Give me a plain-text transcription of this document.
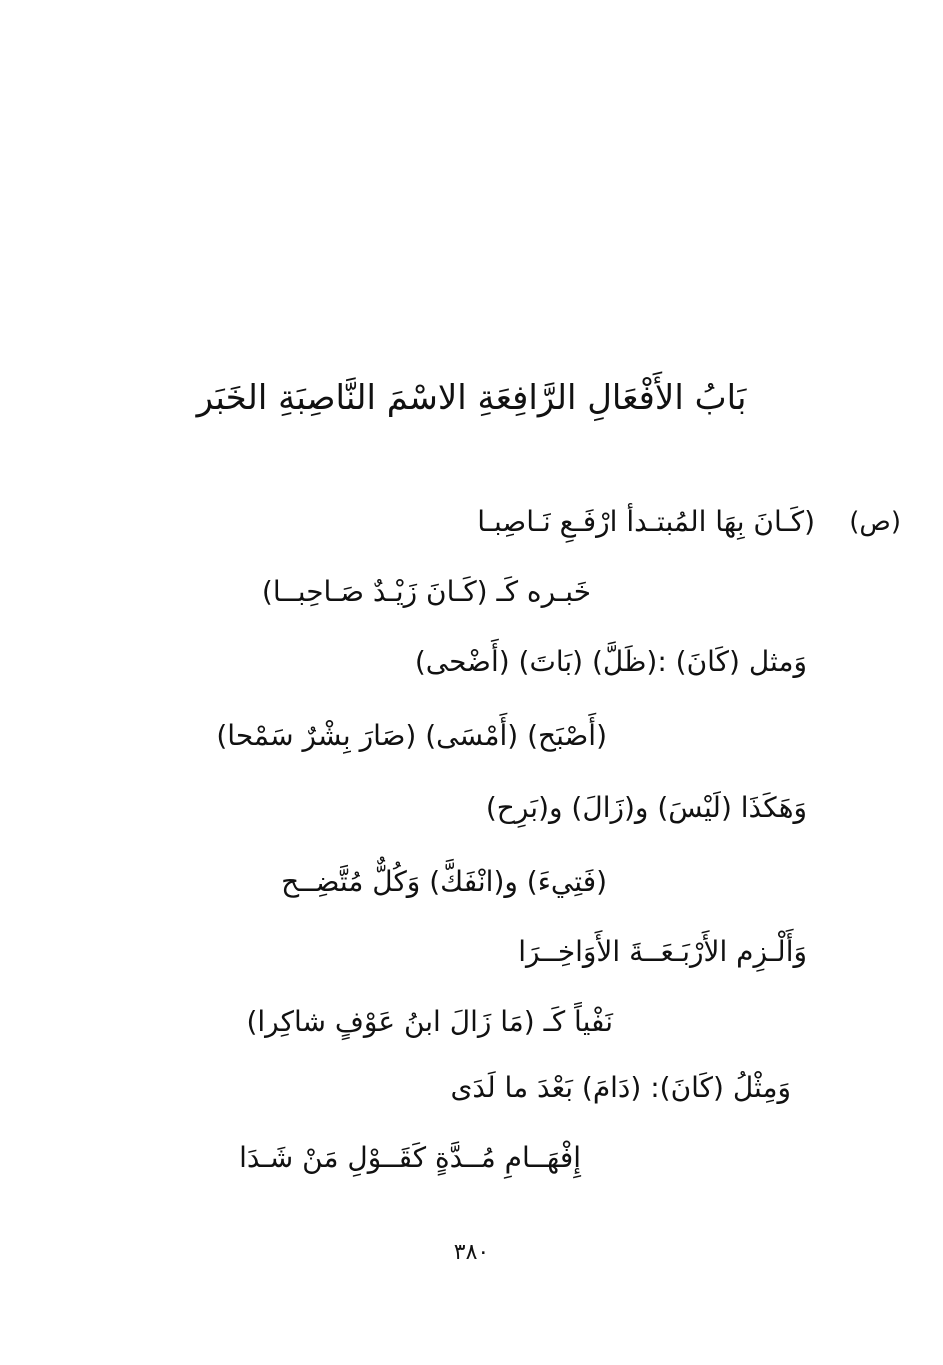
بَابُ الأَفْعَالِ الرَّافِعَةِ الاسْمَ النَّاصِبَةِ الخَبَر
(ص)
(كَـانَ بِهَا المُبتـدأ ارْفَـعِ نَـاصِبـا
خَبـره كَـ (كَـانَ زَيْـدٌ صَـاحِبــا)
وَمثل (كَانَ) :(ظَلَّ) (بَاتَ) (أَضْحى)
(أَصْبَح) (أَمْسَى) (صَارَ بِشْرٌ سَمْحا)
وَهَكَذَا (لَيْسَ) و(زَالَ) و(بَرِح)
(فَتِيءَ) و(انْفَكَّ) وَكُلٌّ مُتَّضِــح
وَأَلْـزِم الأَرْبَـعَــةَ الأَوَاخِــرَا
نَفْياً كَـ (مَا زَالَ ابنُ عَوْفٍ شاكِرا)
وَمِثْلُ (كَانَ): (دَامَ) بَعْدَ ما لَدَى
إِفْهَــامِ مُــدَّةٍ كَقَــوْلِ مَنْ شَـدَا
٣٨٠
